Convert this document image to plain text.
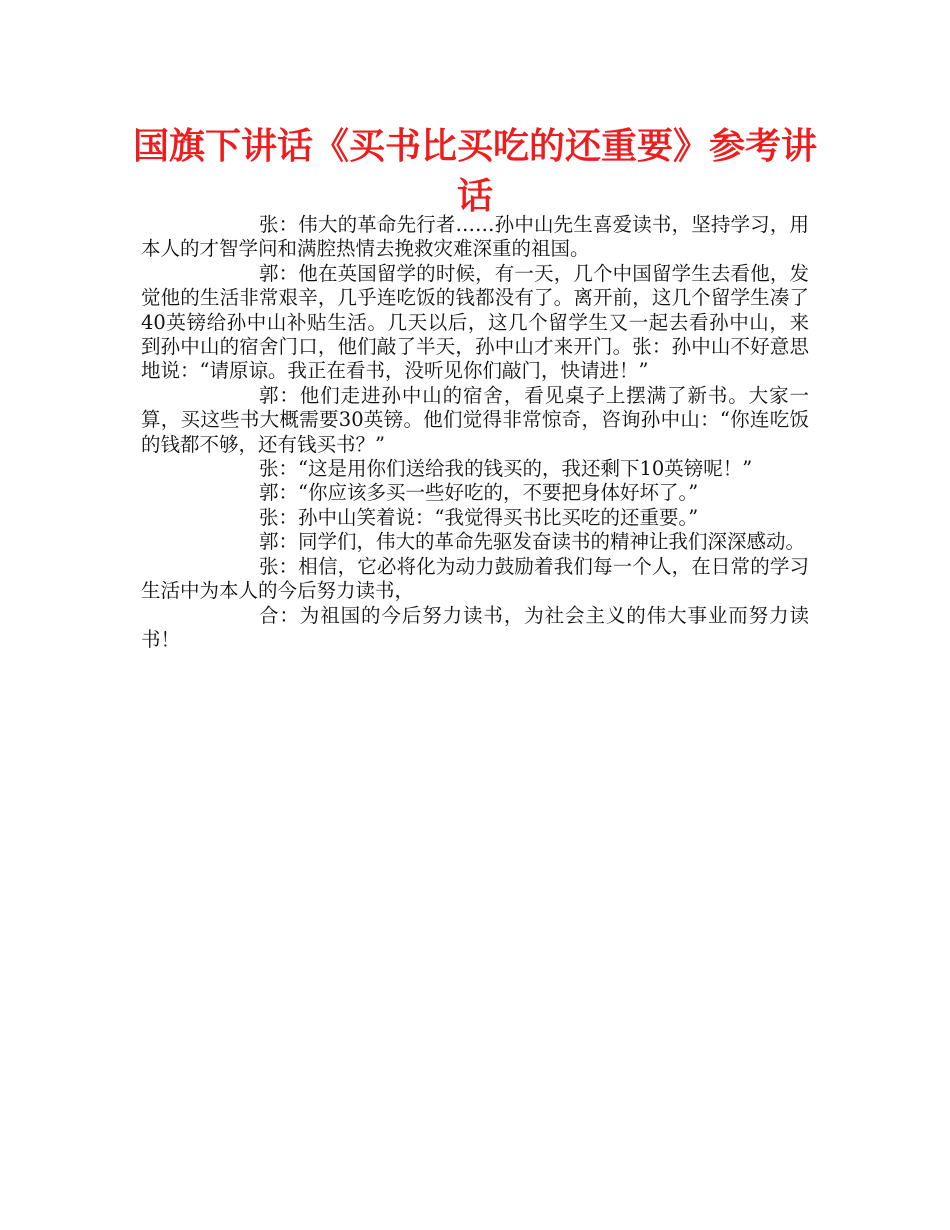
国旗下讲话《买书比买吃的还重要》参考讲话

张：伟大的革命先行者……孙中山先生喜爱读书，坚持学习，用本人的才智学问和满腔热情去挽救灾难深重的祖国。

郭：他在英国留学的时候，有一天，几个中国留学生去看他，发觉他的生活非常艰辛，几乎连吃饭的钱都没有了。离开前，这几个留学生凑了40英镑给孙中山补贴生活。几天以后，这几个留学生又一起去看孙中山，来到孙中山的宿舍门口，他们敲了半天，孙中山才来开门。张：孙中山不好意思地说：“请原谅。我正在看书，没听见你们敲门，快请进！”

郭：他们走进孙中山的宿舍，看见桌子上摆满了新书。大家一算，买这些书大概需要30英镑。他们觉得非常惊奇，咨询孙中山：“你连吃饭的钱都不够，还有钱买书？”

张：“这是用你们送给我的钱买的，我还剩下10英镑呢！”

郭：“你应该多买一些好吃的，不要把身体好坏了。”

张：孙中山笑着说：“我觉得买书比买吃的还重要。”

郭：同学们，伟大的革命先驱发奋读书的精神让我们深深感动。

张：相信，它必将化为动力鼓励着我们每一个人，在日常的学习生活中为本人的今后努力读书，

合：为祖国的今后努力读书，为社会主义的伟大事业而努力读书！
